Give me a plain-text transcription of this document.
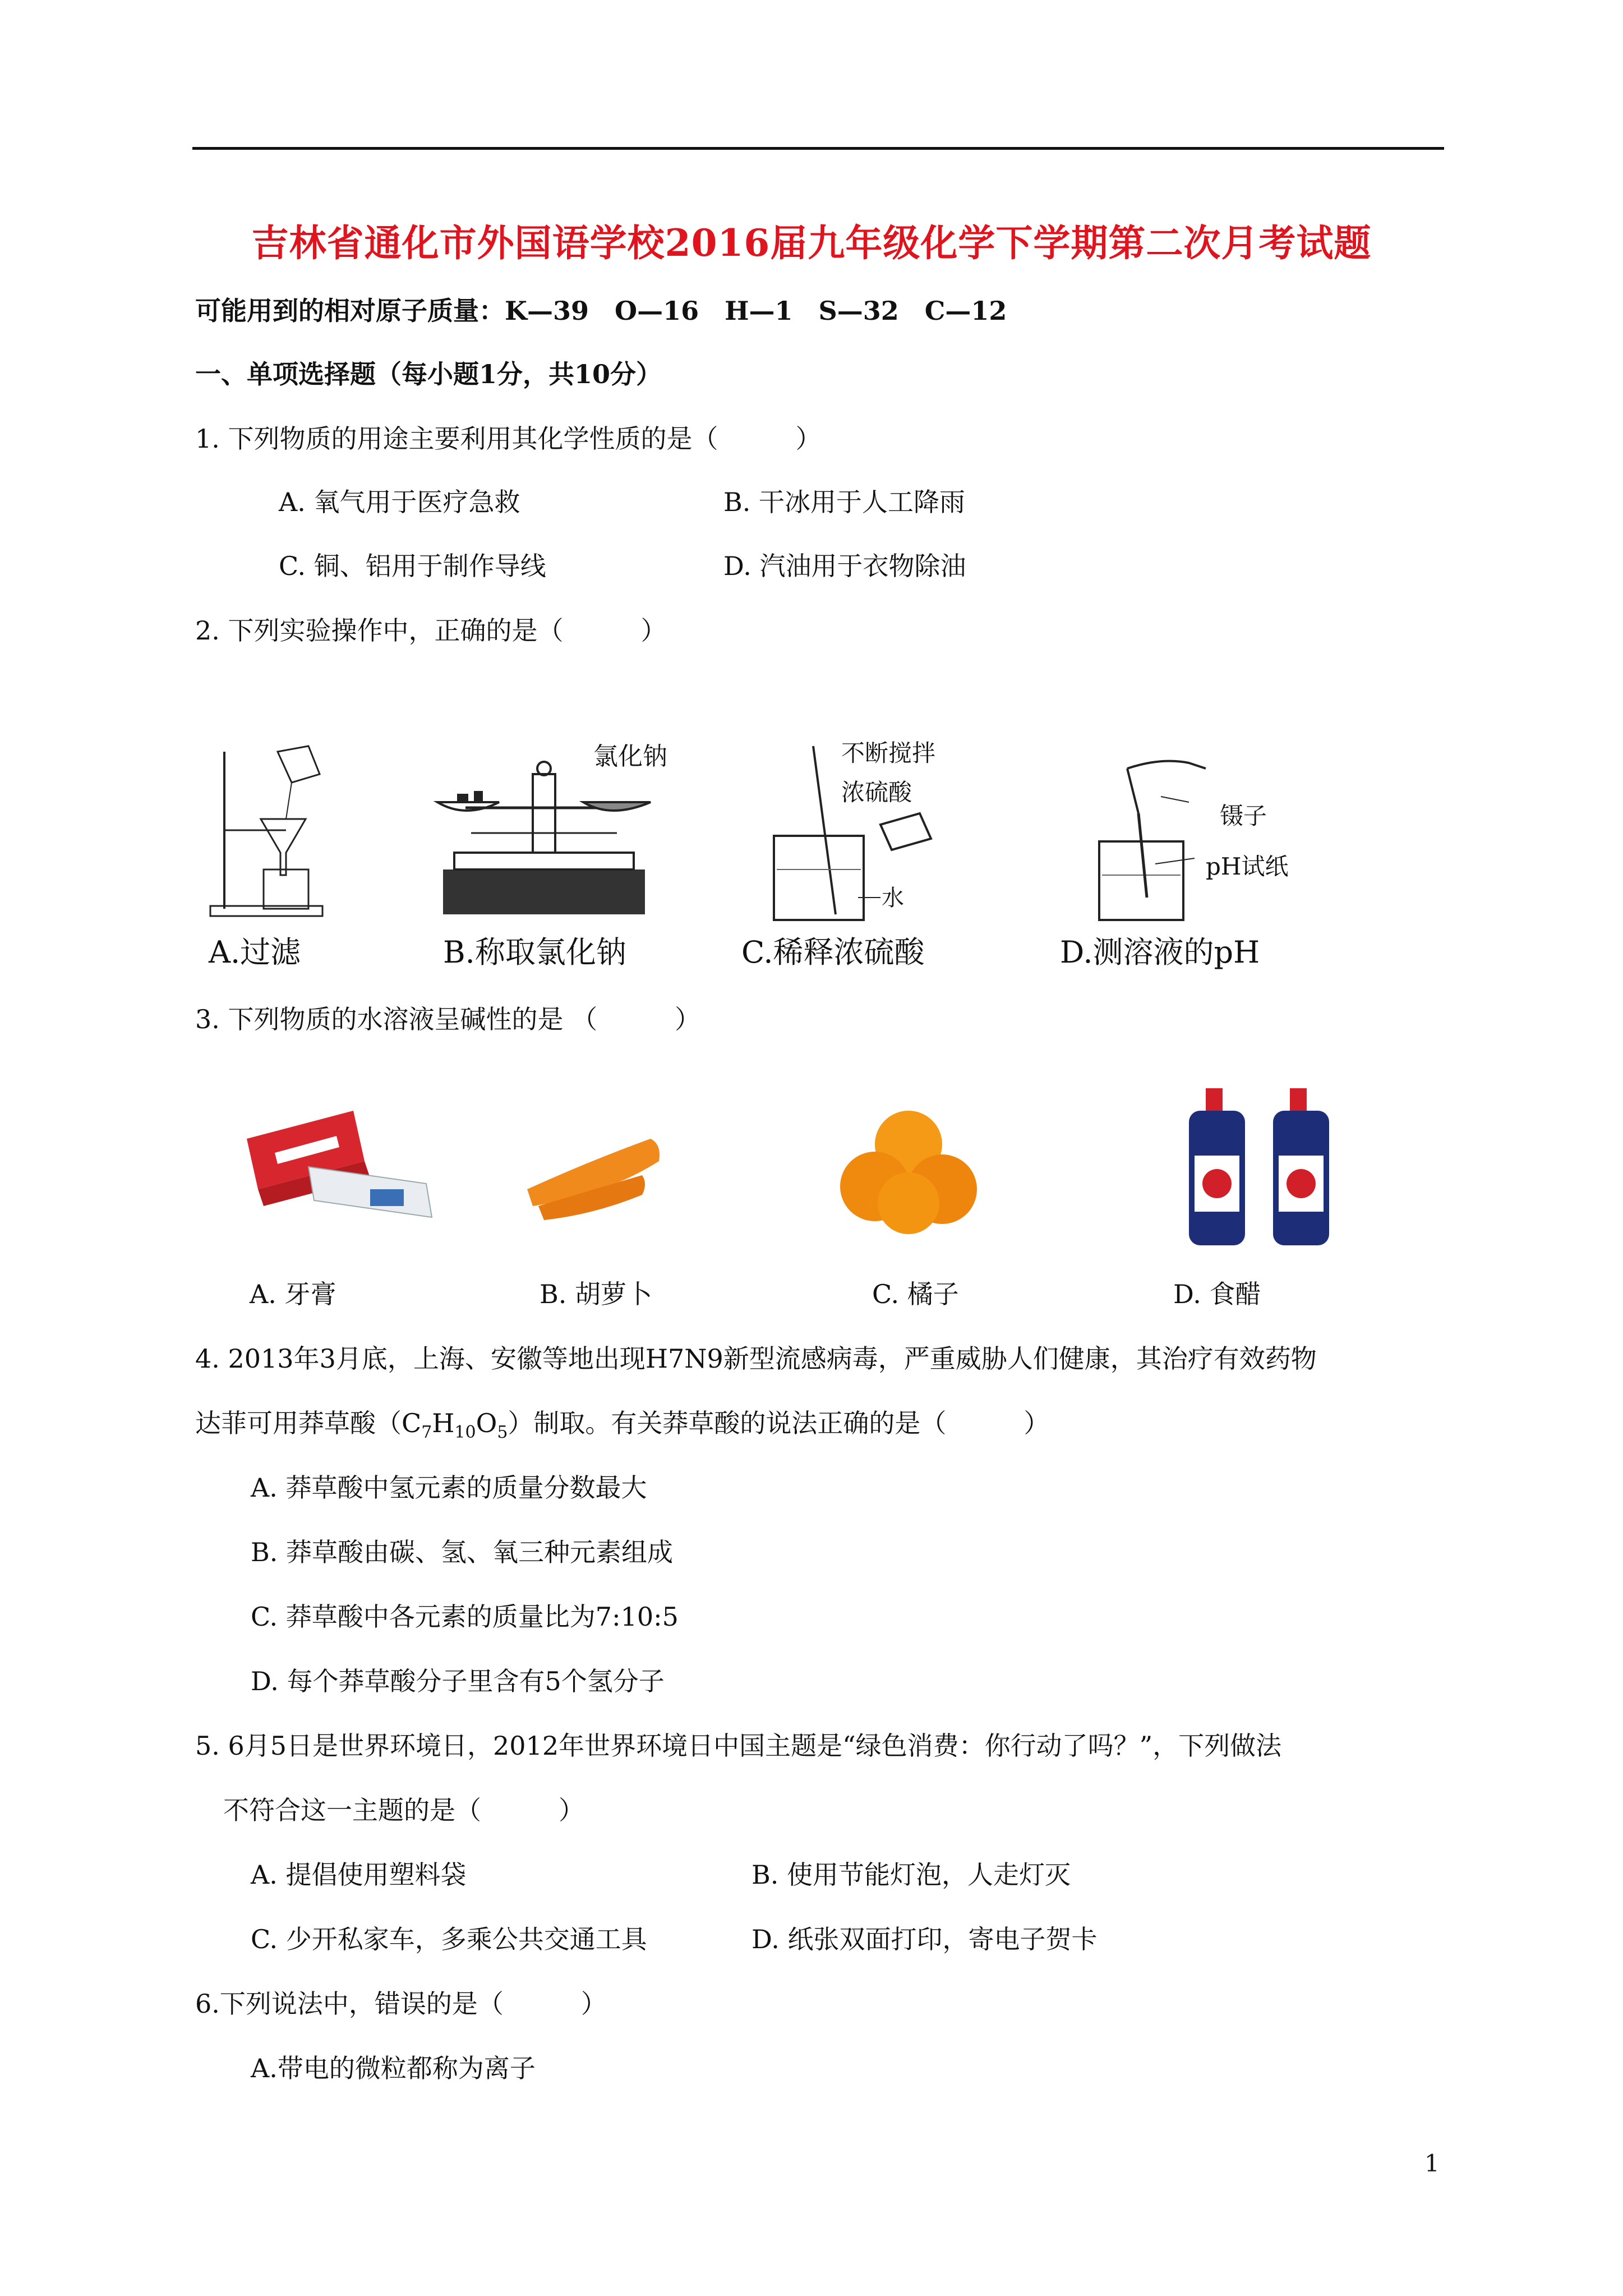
吉林省通化市外国语学校2016届九年级化学下学期第二次月考试题
可能用到的相对原子质量：K—39　O—16　H—1　S—32　C—12
一、单项选择题（每小题1分，共10分）
1. 下列物质的用途主要利用其化学性质的是（　　　）
A. 氧气用于医疗急救	B. 干冰用于人工降雨
C. 铜、铝用于制作导线	D. 汽油用于衣物除油
2. 下列实验操作中，正确的是（　　　）
氯化钠	不断搅拌
浓硫酸
水
镊子
pH试纸
A.过滤	B.称取氯化钠	C.稀释浓硫酸	D.测溶液的pH
3. 下列物质的水溶液呈碱性的是 （　　　）
A. 牙膏	B. 胡萝卜	C. 橘子	D. 食醋
4. 2013年3月底，上海、安徽等地出现H7N9新型流感病毒，严重威胁人们健康，其治疗有效药物
达菲可用莽草酸$(C_7H_{10}O_5)$制取。有关莽草酸的说法正确的是（　　　）
A. 莽草酸中氢元素的质量分数最大
B. 莽草酸由碳、氢、氧三种元素组成
C. 莽草酸中各元素的质量比为7:10:5
D. 每个莽草酸分子里含有5个氢分子
5. 6月5日是世界环境日，2012年世界环境日中国主题是“绿色消费：你行动了吗？”，下列做法
不符合这一主题的是（　　　）
A. 提倡使用塑料袋	B. 使用节能灯泡，人走灯灭
C. 少开私家车，多乘公共交通工具	D. 纸张双面打印，寄电子贺卡
6.下列说法中，错误的是（　　　）
A.带电的微粒都称为离子
1
